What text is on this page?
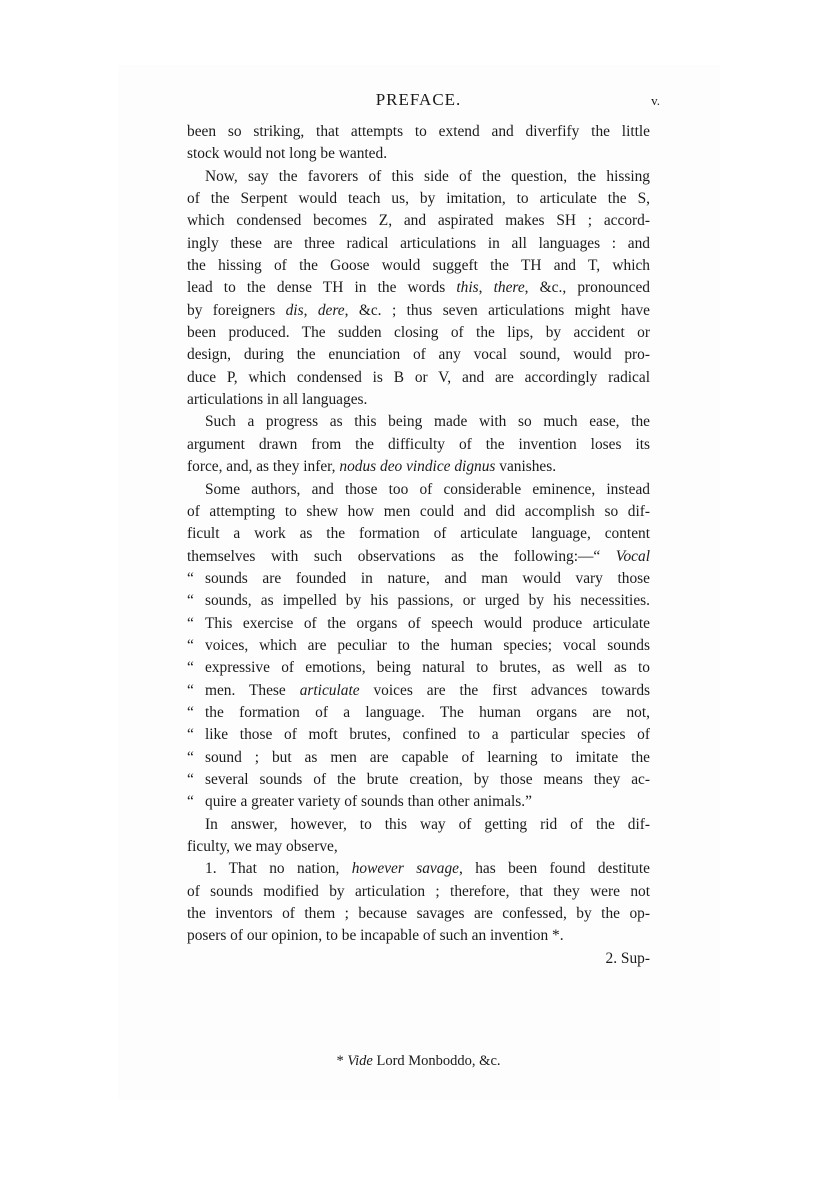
PREFACE.	v.
been so striking, that attempts to extend and diverfify the little
stock would not long be wanted.
Now, say the favorers of this side of the question, the hissing
of the Serpent would teach us, by imitation, to articulate the S,
which condensed becomes Z, and aspirated makes SH ; accord-
ingly these are three radical articulations in all languages : and
the hissing of the Goose would suggeft the TH and T, which
lead to the dense TH in the words this, there, &c., pronounced
by foreigners dis, dere, &c. ; thus seven articulations might have
been produced. The sudden closing of the lips, by accident or
design, during the enunciation of any vocal sound, would pro-
duce P, which condensed is B or V, and are accordingly radical
articulations in all languages.
Such a progress as this being made with so much ease, the
argument drawn from the difficulty of the invention loses its
force, and, as they infer, nodus deo vindice dignus vanishes.
Some authors, and those too of considerable eminence, instead
of attempting to shew how men could and did accomplish so dif-
ficult a work as the formation of articulate language, content
themselves with such observations as the following:—“ Vocal
“ sounds are founded in nature, and man would vary those
“ sounds, as impelled by his passions, or urged by his necessities.
“ This exercise of the organs of speech would produce articulate
“ voices, which are peculiar to the human species; vocal sounds
“ expressive of emotions, being natural to brutes, as well as to
“ men. These articulate voices are the first advances towards
“ the formation of a language. The human organs are not,
“ like those of moft brutes, confined to a particular species of
“ sound ; but as men are capable of learning to imitate the
“ several sounds of the brute creation, by those means they ac-
“ quire a greater variety of sounds than other animals.”
In answer, however, to this way of getting rid of the dif-
ficulty, we may observe,
1. That no nation, however savage, has been found destitute
of sounds modified by articulation ; therefore, that they were not
the inventors of them ; because savages are confessed, by the op-
posers of our opinion, to be incapable of such an invention *.
2. Sup-
* Vide Lord Monboddo, &c.
